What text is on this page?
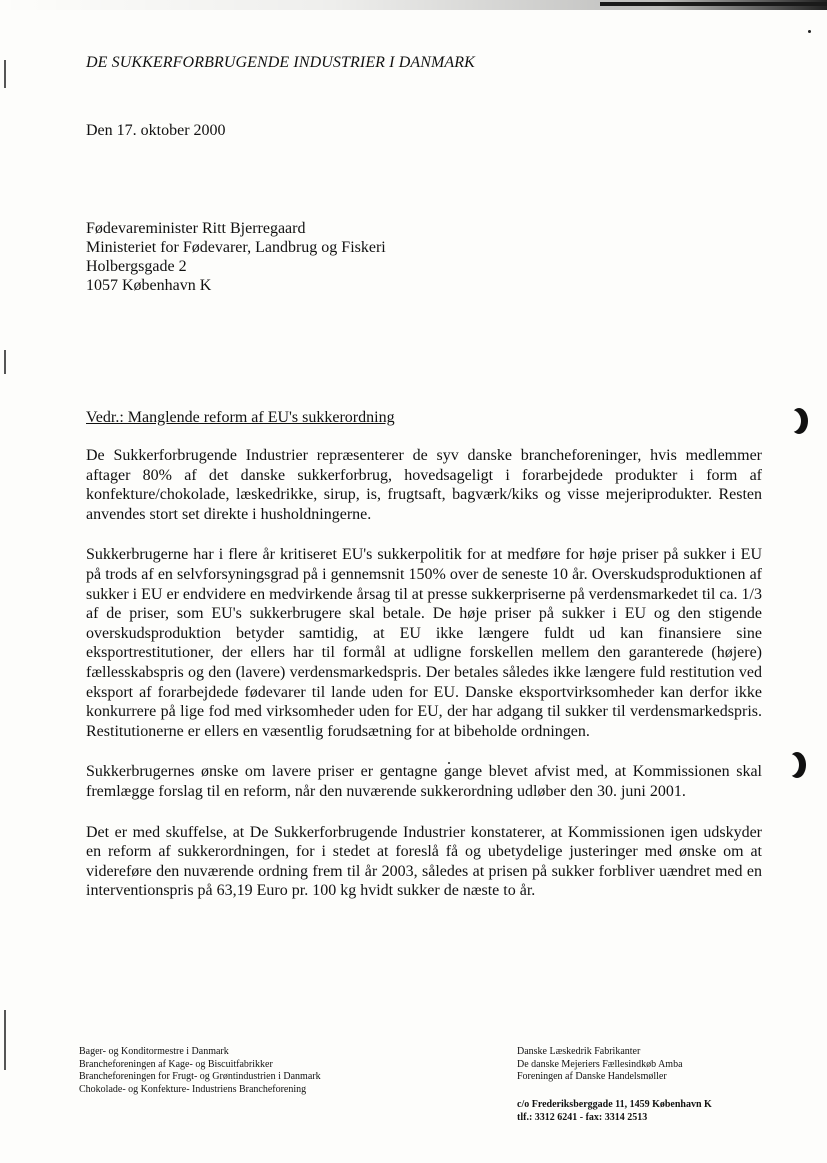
DE SUKKERFORBRUGENDE INDUSTRIER I DANMARK
Den 17. oktober 2000
Fødevareminister Ritt Bjerregaard
Ministeriet for Fødevarer, Landbrug og Fiskeri
Holbergsgade 2
1057 København K
Vedr.: Manglende reform af EU's sukkerordning

De Sukkerforbrugende Industrier repræsenterer de syv danske brancheforeninger, hvis medlemmer aftager 80% af det danske sukkerforbrug, hovedsageligt i forarbejdede produkter i form af konfekture/chokolade, læskedrikke, sirup, is, frugtsaft, bagværk/kiks og visse mejeriprodukter. Resten anvendes stort set direkte i husholdningerne.

Sukkerbrugerne har i flere år kritiseret EU's sukkerpolitik for at medføre for høje priser på sukker i EU på trods af en selvforsyningsgrad på i gennemsnit 150% over de seneste 10 år. Overskudsproduktionen af sukker i EU er endvidere en medvirkende årsag til at presse sukkerpriserne på verdensmarkedet til ca. 1/3 af de priser, som EU's sukkerbrugere skal betale. De høje priser på sukker i EU og den stigende overskudsproduktion betyder samtidig, at EU ikke længere fuldt ud kan finansiere sine eksportrestitutioner, der ellers har til formål at udligne forskellen mellem den garanterede (højere) fællesskabspris og den (lavere) verdensmarkedspris. Der betales således ikke længere fuld restitution ved eksport af forarbejdede fødevarer til lande uden for EU. Danske eksportvirksomheder kan derfor ikke konkurrere på lige fod med virksomheder uden for EU, der har adgang til sukker til verdensmarkedspris. Restitutionerne er ellers en væsentlig forudsætning for at bibeholde ordningen.

Sukkerbrugernes ønske om lavere priser er gentagne gange blevet afvist med, at Kommissionen skal fremlægge forslag til en reform, når den nuværende sukkerordning udløber den 30. juni 2001.

Det er med skuffelse, at De Sukkerforbrugende Industrier konstaterer, at Kommissionen igen udskyder en reform af sukkerordningen, for i stedet at foreslå få og ubetydelige justeringer med ønske om at videreføre den nuværende ordning frem til år 2003, således at prisen på sukker forbliver uændret med en interventionspris på 63,19 Euro pr. 100 kg hvidt sukker de næste to år.

Bager- og Konditormestre i Danmark
Brancheforeningen af Kage- og Biscuitfabrikker
Brancheforeningen for Frugt- og Grøntindustrien i Danmark
Chokolade- og Konfekture- Industriens Brancheforening
Danske Læskedrik Fabrikanter
De danske Mejeriers Fællesindkøb Amba
Foreningen af Danske Handelsmøller
c/o Frederiksberggade 11, 1459 København K
tlf.: 3312 6241 - fax: 3314 2513
